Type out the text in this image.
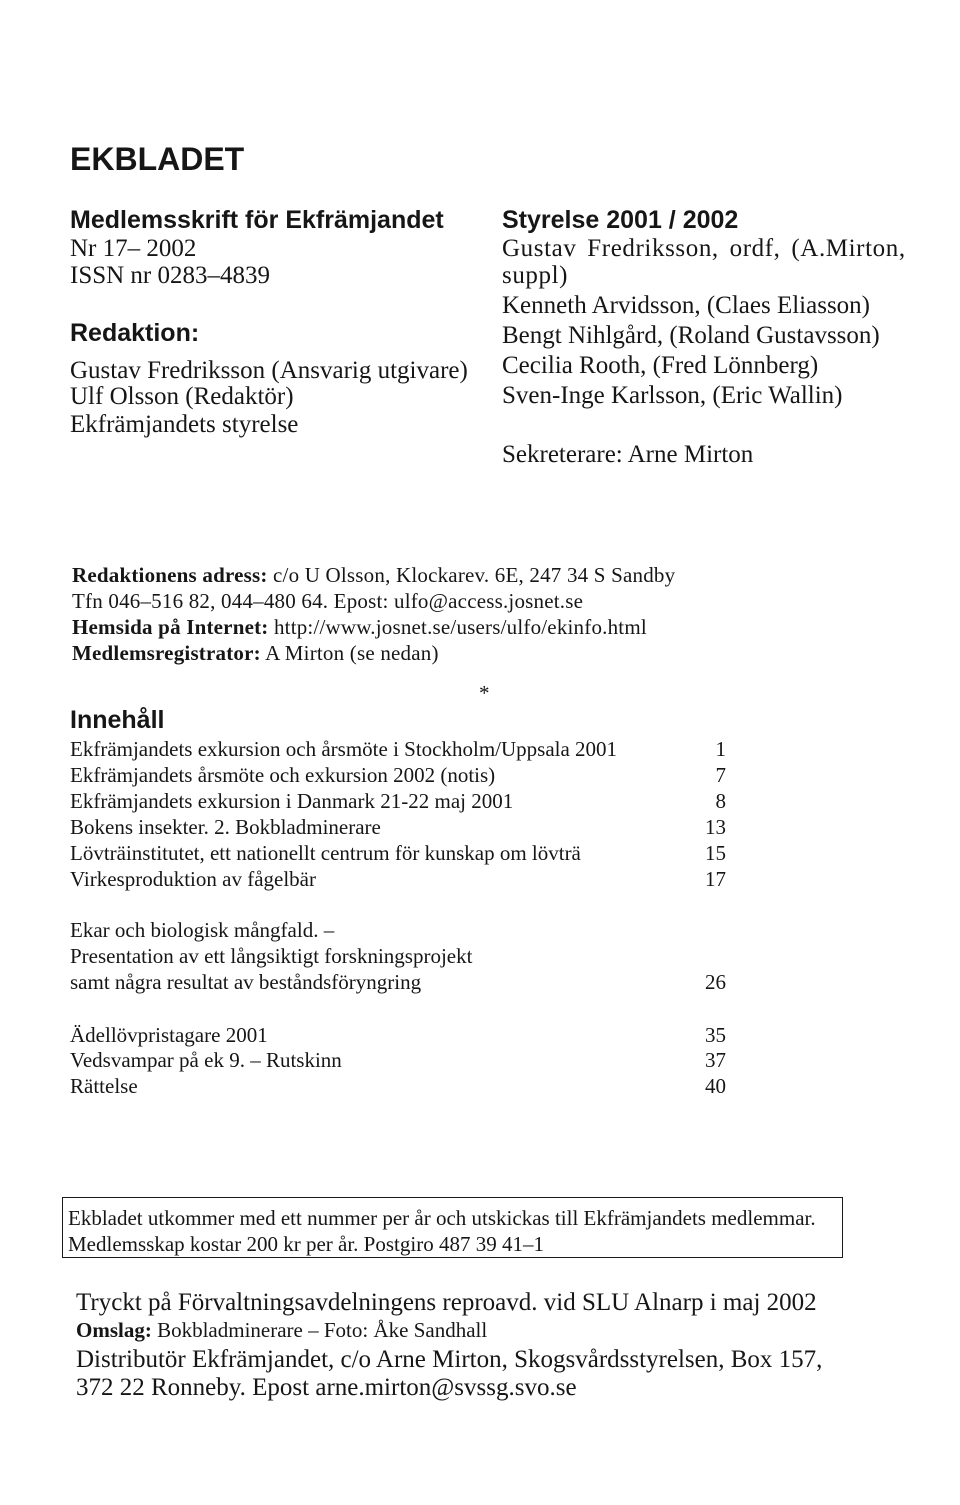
EKBLADET
Medlemsskrift för Ekfrämjandet
Nr 17– 2002
ISSN nr 0283–4839
Redaktion:
Gustav Fredriksson (Ansvarig utgivare)
Ulf Olsson (Redaktör)
Ekfrämjandets styrelse
Styrelse 2001 / 2002
Gustav Fredriksson, ordf, (A.Mirton,
suppl)
Kenneth Arvidsson, (Claes Eliasson)
Bengt Nihlgård, (Roland Gustavsson)
Cecilia Rooth, (Fred Lönnberg)
Sven-Inge Karlsson, (Eric Wallin)
Sekreterare: Arne Mirton
Redaktionens adress: c/o U Olsson, Klockarev. 6E, 247 34 S Sandby
Tfn 046–516 82, 044–480 64. Epost: ulfo@access.josnet.se
Hemsida på Internet: http://www.josnet.se/users/ulfo/ekinfo.html
Medlemsregistrator: A Mirton (se nedan)
*
Innehåll
Ekfrämjandets exkursion och årsmöte i Stockholm/Uppsala 2001	1
Ekfrämjandets årsmöte och exkursion 2002 (notis)	7
Ekfrämjandets exkursion i Danmark 21-22 maj 2001	8
Bokens insekter. 2. Bokbladminerare	13
Lövträinstitutet, ett nationellt centrum för kunskap om lövträ	15
Virkesproduktion av fågelbär	17
Ekar och biologisk mångfald. –
Presentation av ett långsiktigt forskningsprojekt
samt några resultat av beståndsföryngring	26
Ädellövpristagare 2001	35
Vedsvampar på ek 9. – Rutskinn	37
Rättelse	40
Ekbladet utkommer med ett nummer per år och utskickas till Ekfrämjandets medlemmar.
Medlemsskap kostar 200 kr per år. Postgiro 487 39 41–1
Tryckt på Förvaltningsavdelningens reproavd. vid SLU Alnarp i maj 2002
Omslag: Bokbladminerare – Foto: Åke Sandhall
Distributör Ekfrämjandet, c/o Arne Mirton, Skogsvårdsstyrelsen, Box 157,
372 22 Ronneby. Epost arne.mirton@svssg.svo.se
